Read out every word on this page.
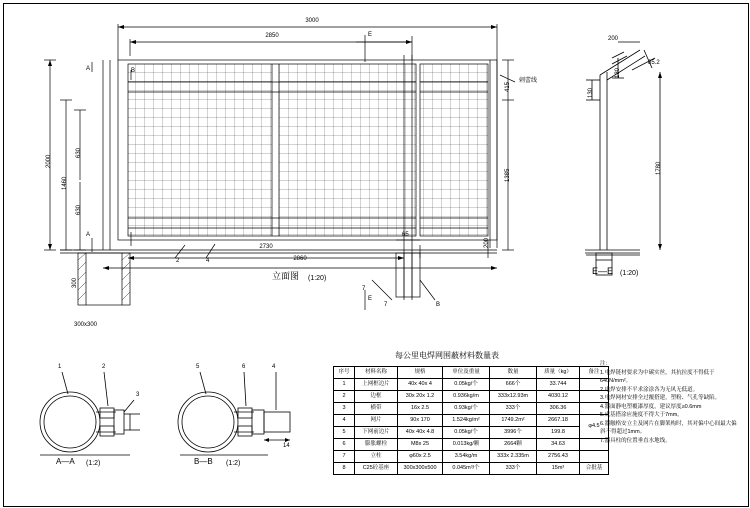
3000
2850	E
E
A
A
B
B
7
7
2	4
刺蕾线
2000
1460
630
630
415
1385
2730
2860
65
200
300
300x300
立面图 (1:20)
200
85.2
130
130
1780
E—E (1:20)
1	2
3
A—A (1:2)
5	6	4
14
B—B (1:2)
每公里电焊网围蔽材料数量表
序号	材料名称	规格	单位及重量	数量	质量（kg）	备注
1	上网框边片	40x 40x 4	0.05kg/个	666个	33.744	
2	边框	30x 20x 1.2	0.936kg/m	333x12.93m	4030.12	
3	横带	16x 2.5	0.93kg/个	333个	306.36	
4	网片	90x 170	1.524kg/m²	1749.2m²	2667.18	φ4.5
5	下网前边片	40x 40x 4.8	0.05kg/个	3996个	199.8	
6	膨胀螺栓	M8x 25	0.013kg/颗	2664颗	34.63	
7	立柱	φ60x 2.5	3.54kg/m	333x 2.335m	2756.43	
8	C25砼基座	300x300x500	0.045m³/个	333个	15m³	合批基
注：
1.电焊链材要求为中碳实丝，其抗拉度不得低于640N/mm²。
2.电焊安排不平求涂涂各为无风无低道。
3.电焊网材安排全过覆搭建，塑粉、气孔等缺陷。
4.器面静电塑覆漆厚度，建议厚度≥0.6mm
5.成基搭涂应施度不得大于7mm。
6.器触格安立主及网片在脚架构时，其对偏中心间最大偏斜不得超过1mm。
7.器具柱的位置垂直水地线。
